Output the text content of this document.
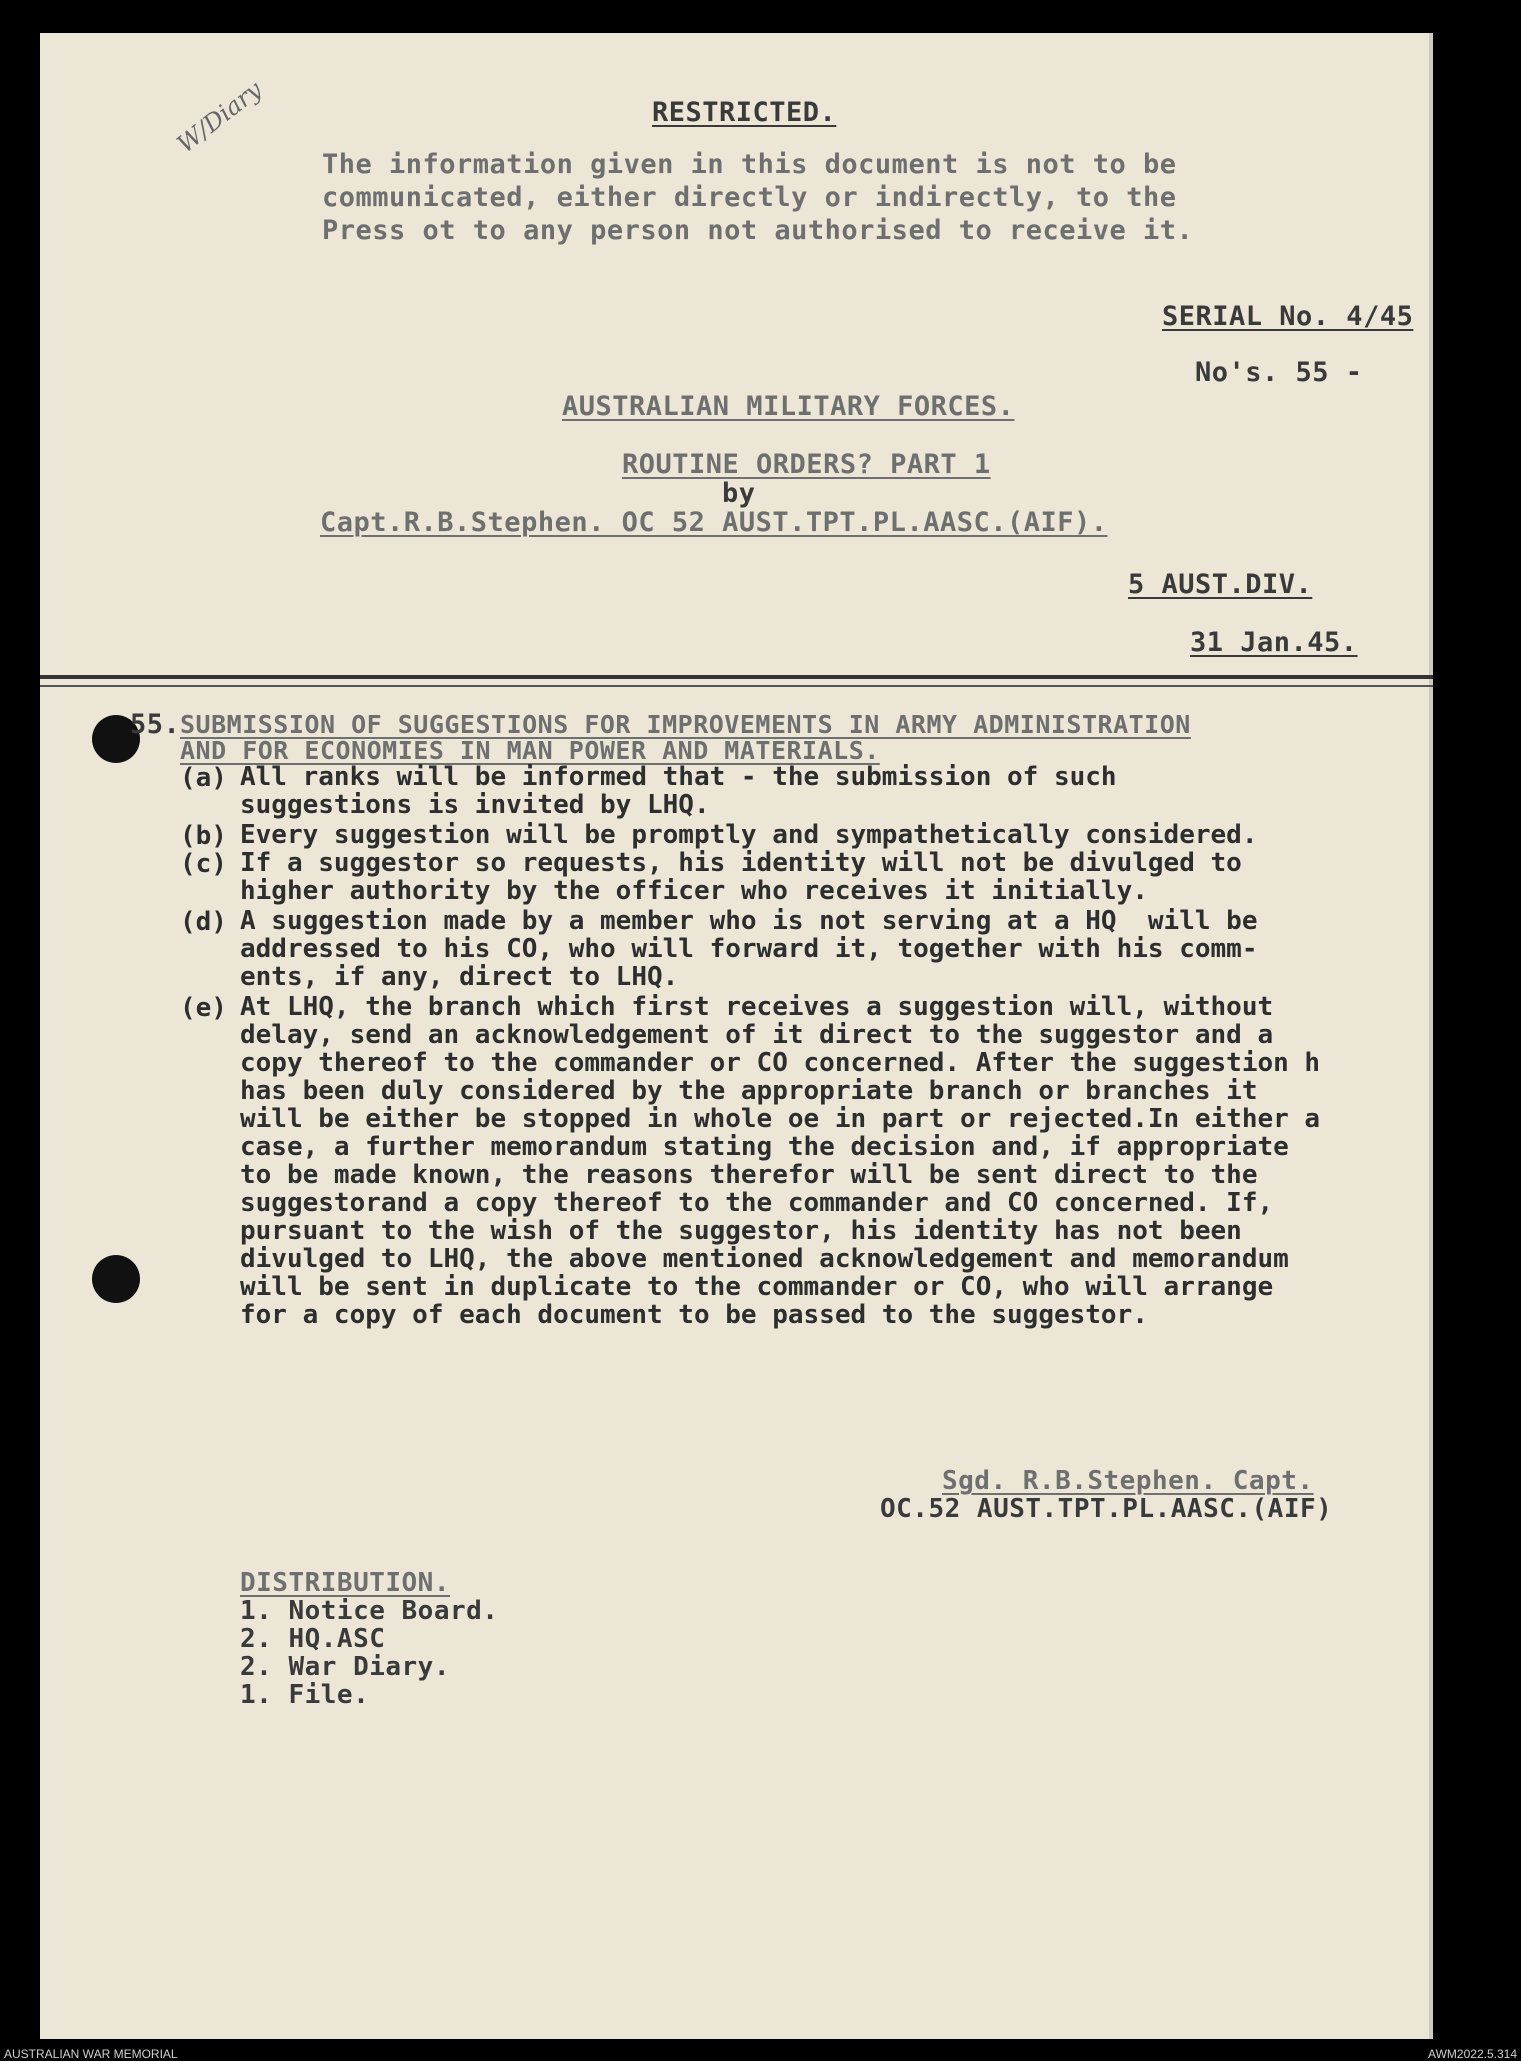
W/Diary	RESTRICTED.
The information given in this document is not to be
communicated, either directly or indirectly, to the
Press ot to any person not authorised to receive it.
SERIAL No. 4/45
No's. 55 -
AUSTRALIAN MILITARY FORCES.
ROUTINE ORDERS? PART 1
by
Capt.R.B.Stephen. OC 52 AUST.TPT.PL.AASC.(AIF).
5 AUST.DIV.
31 Jan.45.
55. SUBMISSION OF SUGGESTIONS FOR IMPROVEMENTS IN ARMY ADMINISTRATION
AND FOR ECONOMIES IN MAN POWER AND MATERIALS.
(a) All ranks will be informed that - the submission of such
suggestions is invited by LHQ.
(b) Every suggestion will be promptly and sympathetically considered.
(c) If a suggestor so requests, his identity will not be divulged to
higher authority by the officer who receives it initially.
(d) A suggestion made by a member who is not serving at a HQ  will be
addressed to his CO, who will forward it, together with his comm-
ents, if any, direct to LHQ.
(e) At LHQ, the branch which first receives a suggestion will, without
delay, send an acknowledgement of it direct to the suggestor and a
copy thereof to the commander or CO concerned. After the suggestion h
has been duly considered by the appropriate branch or branches it
will be either be stopped in whole oe in part or rejected.In either a
case, a further memorandum stating the decision and, if appropriate
to be made known, the reasons therefor will be sent direct to the
suggestorand a copy thereof to the commander and CO concerned. If,
pursuant to the wish of the suggestor, his identity has not been
divulged to LHQ, the above mentioned acknowledgement and memorandum
will be sent in duplicate to the commander or CO, who will arrange
for a copy of each document to be passed to the suggestor.
Sgd. R.B.Stephen. Capt.
OC.52 AUST.TPT.PL.AASC.(AIF)
DISTRIBUTION.
1. Notice Board.
2. HQ.ASC
2. War Diary.
1. File.
AUSTRALIAN WAR MEMORIAL	AWM2022.5.314
